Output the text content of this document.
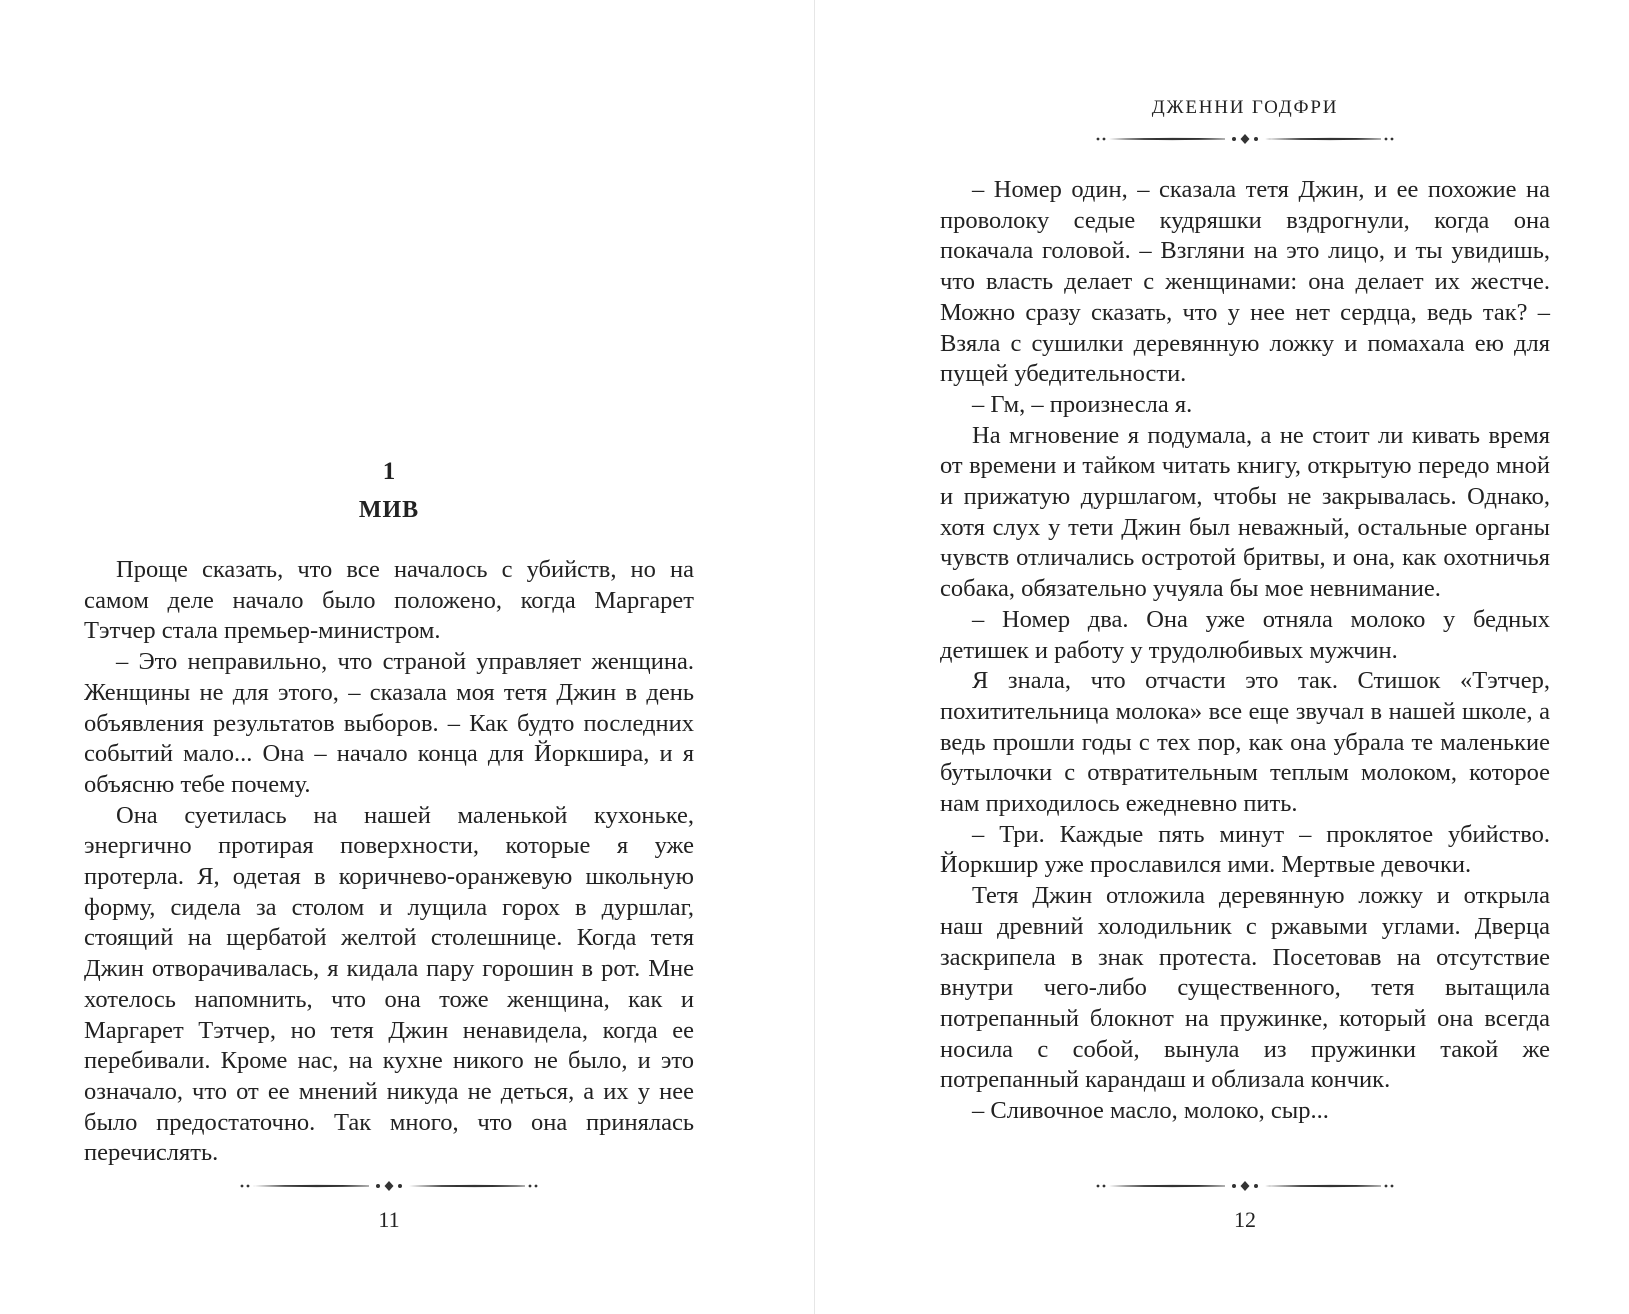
1
МИВ

Проще сказать, что все началось с убийств, но на самом деле начало было положено, когда Маргарет Тэтчер стала премьер-министром.

– Это неправильно, что страной управляет женщина. Женщины не для этого, – сказала моя тетя Джин в день объявления результатов выборов. – Как будто последних событий мало... Она – начало конца для Йоркшира, и я объясню тебе почему.

Она суетилась на нашей маленькой кухоньке, энергично протирая поверхности, которые я уже протерла. Я, одетая в коричнево-оранжевую школьную форму, сидела за столом и лущила горох в дуршлаг, стоящий на щербатой желтой столешнице. Когда тетя Джин отворачивалась, я кидала пару горошин в рот. Мне хотелось напомнить, что она тоже женщина, как и Маргарет Тэтчер, но тетя Джин ненавидела, когда ее перебивали. Кроме нас, на кухне никого не было, и это означало, что от ее мнений никуда не деться, а их у нее было предостаточно. Так много, что она принялась перечислять.

11
ДЖЕННИ ГОДФРИ

– Номер один, – сказала тетя Джин, и ее похожие на проволоку седые кудряшки вздрогнули, когда она покачала головой. – Взгляни на это лицо, и ты увидишь, что власть делает с женщинами: она делает их жестче. Можно сразу сказать, что у нее нет сердца, ведь так? – Взяла с сушилки деревянную ложку и помахала ею для пущей убедительности.

– Гм, – произнесла я.

На мгновение я подумала, а не стоит ли кивать время от времени и тайком читать книгу, открытую передо мной и прижатую дуршлагом, чтобы не закрывалась. Однако, хотя слух у тети Джин был неважный, остальные органы чувств отличались остротой бритвы, и она, как охотничья собака, обязательно учуяла бы мое невнимание.

– Номер два. Она уже отняла молоко у бедных детишек и работу у трудолюбивых мужчин.

Я знала, что отчасти это так. Стишок «Тэтчер, похитительница молока» все еще звучал в нашей школе, а ведь прошли годы с тех пор, как она убрала те маленькие бутылочки с отвратительным теплым молоком, которое нам приходилось ежедневно пить.

– Три. Каждые пять минут – проклятое убийство. Йоркшир уже прославился ими. Мертвые девочки.

Тетя Джин отложила деревянную ложку и открыла наш древний холодильник с ржавыми углами. Дверца заскрипела в знак протеста. Посетовав на отсутствие внутри чего-либо существенного, тетя вытащила потрепанный блокнот на пружинке, который она всегда носила с собой, вынула из пружинки такой же потрепанный карандаш и облизала кончик.

– Сливочное масло, молоко, сыр...

12
